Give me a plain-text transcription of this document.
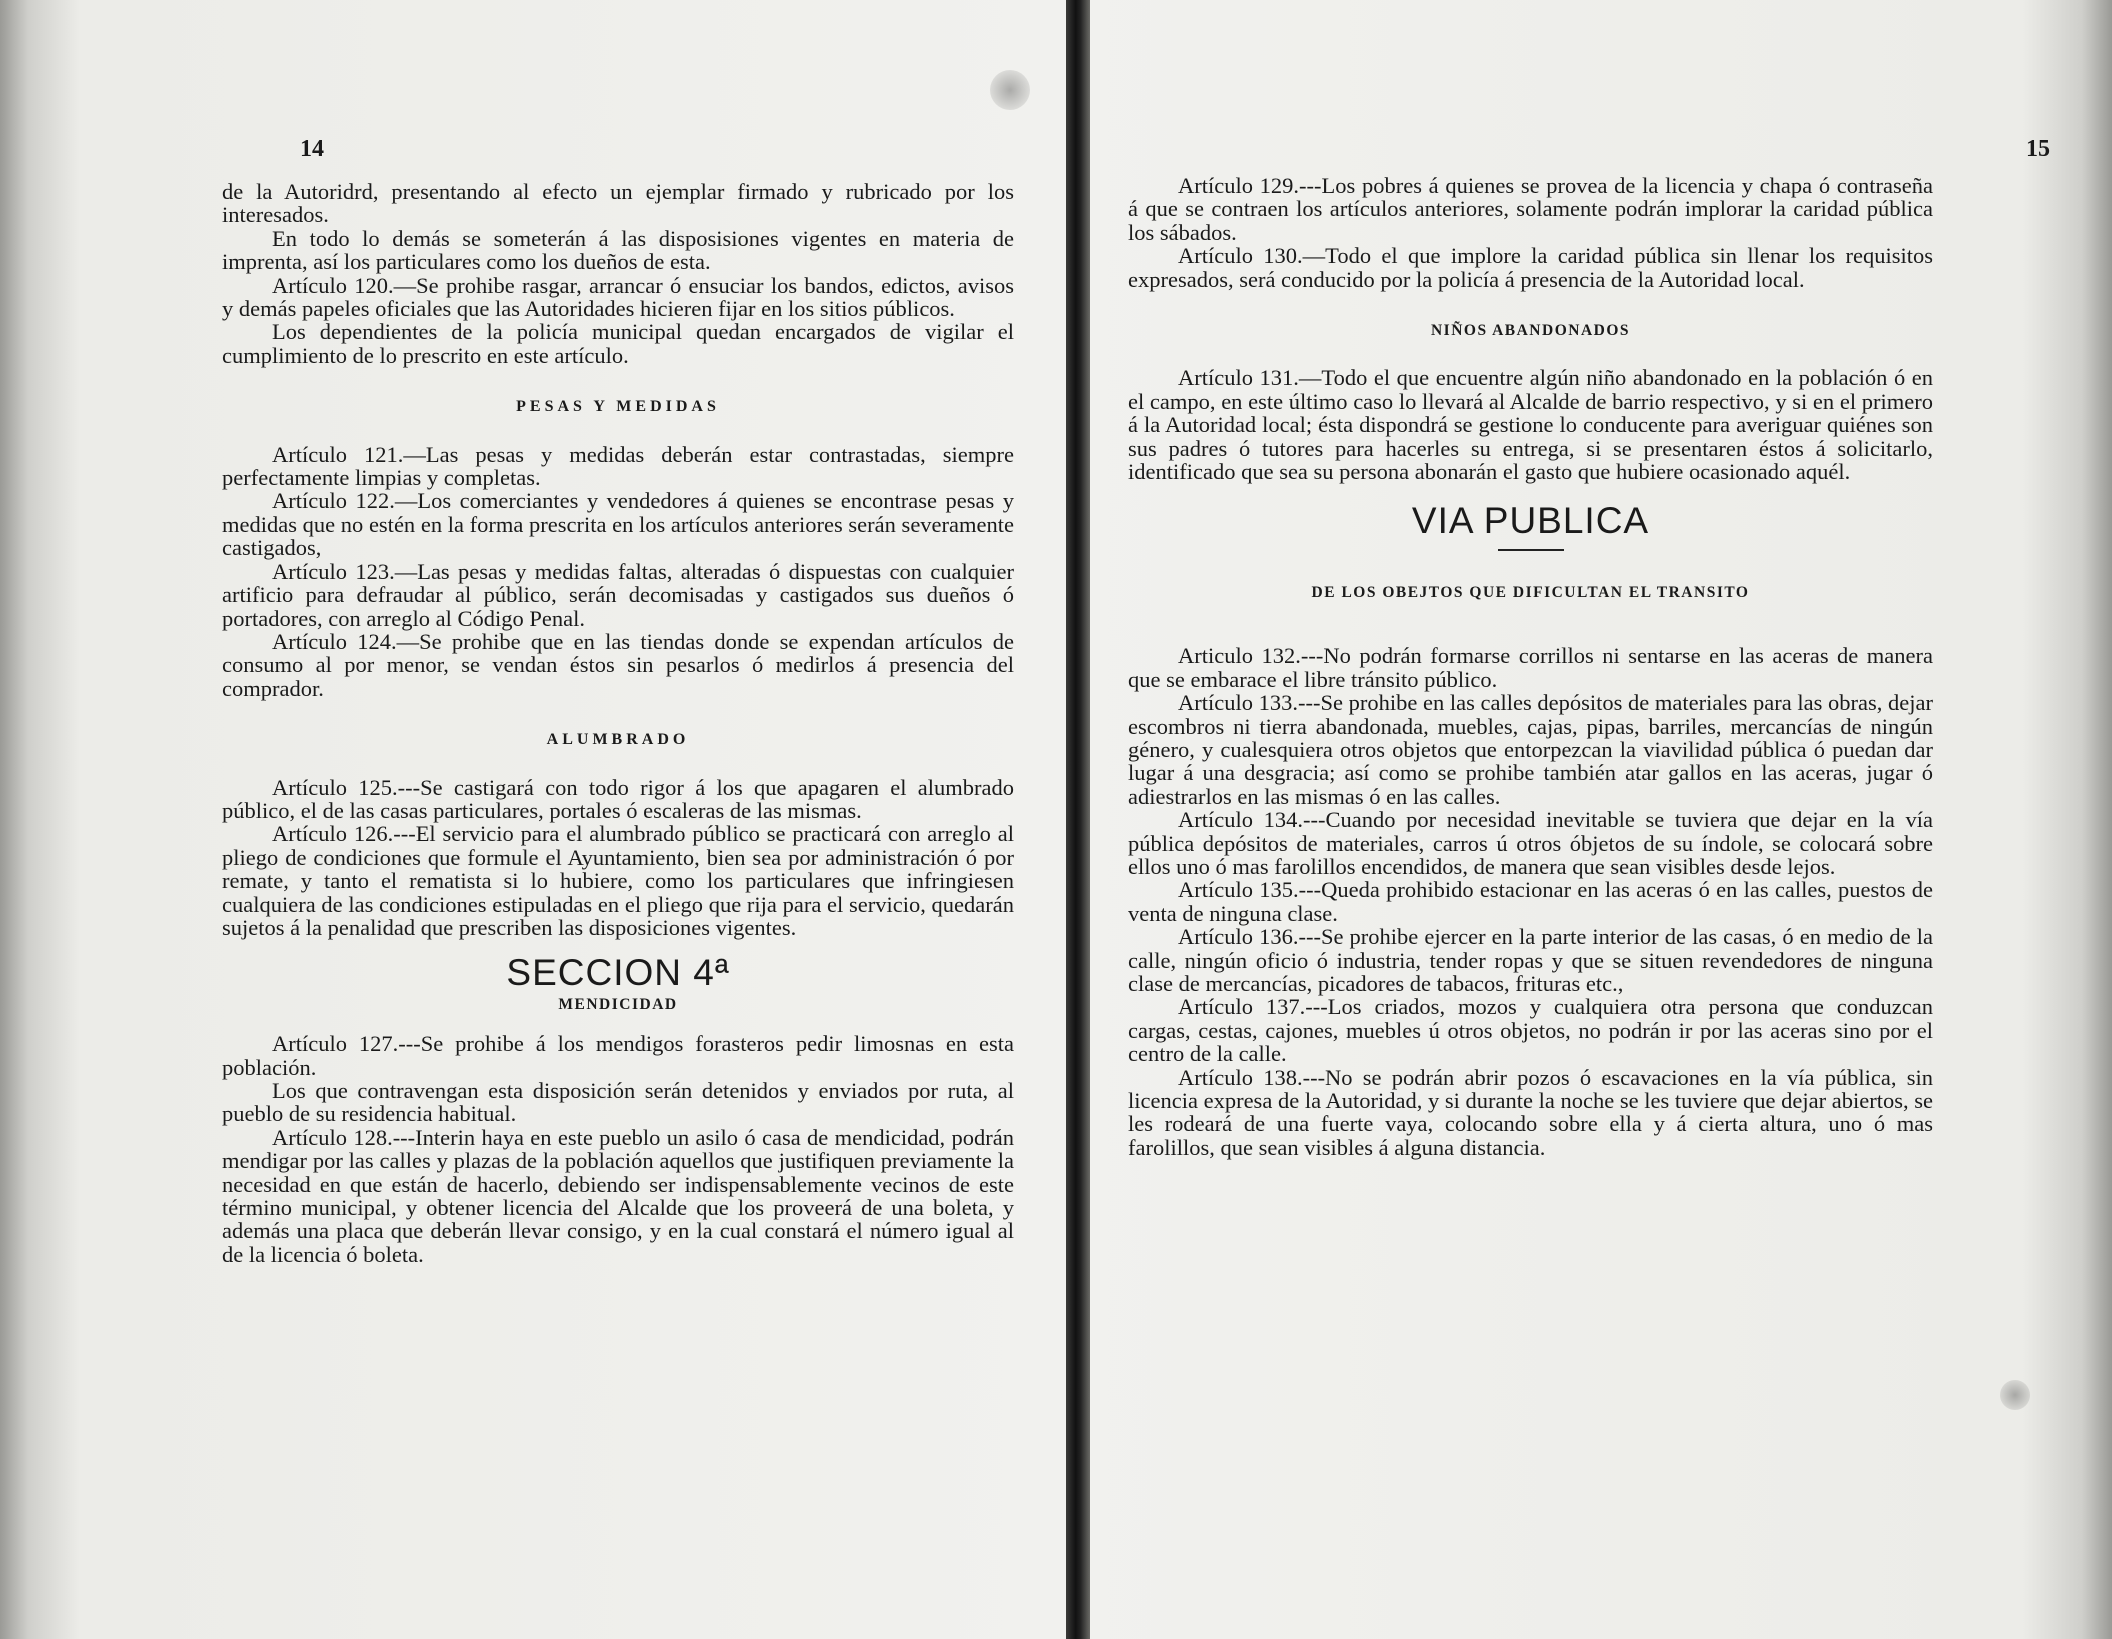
14

de la Autoridrd, presentando al efecto un ejemplar firmado y rubricado por los interesados.

En todo lo demás se someterán á las disposisiones vigentes en materia de imprenta, así los particulares como los dueños de esta.

Artículo 120.—Se prohibe rasgar, arrancar ó ensuciar los bandos, edictos, avisos y demás papeles oficiales que las Autoridades hicieren fijar en los sitios públicos.

Los dependientes de la policía municipal quedan encargados de vigilar el cumplimiento de lo prescrito en este artículo.

PESAS Y MEDIDAS

Artículo 121.—Las pesas y medidas deberán estar contrastadas, siempre perfectamente limpias y completas.

Artículo 122.—Los comerciantes y vendedores á quienes se encontrase pesas y medidas que no estén en la forma prescrita en los artículos anteriores serán severamente castigados,

Artículo 123.—Las pesas y medidas faltas, alteradas ó dispuestas con cualquier artificio para defraudar al público, serán decomisadas y castigados sus dueños ó portadores, con arreglo al Código Penal.

Artículo 124.—Se prohibe que en las tiendas donde se expendan artículos de consumo al por menor, se vendan éstos sin pesarlos ó medirlos á presencia del comprador.

ALUMBRADO

Artículo 125.---Se castigará con todo rigor á los que apagaren el alumbrado público, el de las casas particulares, portales ó escaleras de las mismas.

Artículo 126.---El servicio para el alumbrado público se practicará con arreglo al pliego de condiciones que formule el Ayuntamiento, bien sea por administración ó por remate, y tanto el rematista si lo hubiere, como los particulares que infringiesen cualquiera de las condiciones estipuladas en el pliego que rija para el servicio, quedarán sujetos á la penalidad que prescriben las disposiciones vigentes.

SECCION 4ª
MENDICIDAD

Artículo 127.---Se prohibe á los mendigos forasteros pedir limosnas en esta población.

Los que contravengan esta disposición serán detenidos y enviados por ruta, al pueblo de su residencia habitual.

Artículo 128.---Interin haya en este pueblo un asilo ó casa de mendicidad, podrán mendigar por las calles y plazas de la población aquellos que justifiquen previamente la necesidad en que están de hacerlo, debiendo ser indispensablemente vecinos de este término municipal, y obtener licencia del Alcalde que los proveerá de una boleta, y además una placa que deberán llevar consigo, y en la cual constará el número igual al de la licencia ó boleta.

15

Artículo 129.---Los pobres á quienes se provea de la licencia y chapa ó contraseña á que se contraen los artículos anteriores, solamente podrán implorar la caridad pública los sábados.

Artículo 130.—Todo el que implore la caridad pública sin llenar los requisitos expresados, será conducido por la policía á presencia de la Autoridad local.

NIÑOS ABANDONADOS

Artículo 131.—Todo el que encuentre algún niño abandonado en la población ó en el campo, en este último caso lo llevará al Alcalde de barrio respectivo, y si en el primero á la Autoridad local; ésta dispondrá se gestione lo conducente para averiguar quiénes son sus padres ó tutores para hacerles su entrega, si se presentaren éstos á solicitarlo, identificado que sea su persona abonarán el gasto que hubiere ocasionado aquél.

VIA PUBLICA
DE LOS OBEJTOS QUE DIFICULTAN EL TRANSITO

Articulo 132.---No podrán formarse corrillos ni sentarse en las aceras de manera que se embarace el libre tránsito público.

Artículo 133.---Se prohibe en las calles depósitos de materiales para las obras, dejar escombros ni tierra abandonada, muebles, cajas, pipas, barriles, mercancías de ningún género, y cualesquiera otros objetos que entorpezcan la viavilidad pública ó puedan dar lugar á una desgracia; así como se prohibe también atar gallos en las aceras, jugar ó adiestrarlos en las mismas ó en las calles.

Artículo 134.---Cuando por necesidad inevitable se tuviera que dejar en la vía pública depósitos de materiales, carros ú otros óbjetos de su índole, se colocará sobre ellos uno ó mas farolillos encendidos, de manera que sean visibles desde lejos.

Artículo 135.---Queda prohibido estacionar en las aceras ó en las calles, puestos de venta de ninguna clase.

Artículo 136.---Se prohibe ejercer en la parte interior de las casas, ó en medio de la calle, ningún oficio ó industria, tender ropas y que se situen revendedores de ninguna clase de mercancías, picadores de tabacos, frituras etc.,

Artículo 137.---Los criados, mozos y cualquiera otra persona que conduzcan cargas, cestas, cajones, muebles ú otros objetos, no podrán ir por las aceras sino por el centro de la calle.

Artículo 138.---No se podrán abrir pozos ó escavaciones en la vía pública, sin licencia expresa de la Autoridad, y si durante la noche se les tuviere que dejar abiertos, se les rodeará de una fuerte vaya, colocando sobre ella y á cierta altura, uno ó mas farolillos, que sean visibles á alguna distancia.
